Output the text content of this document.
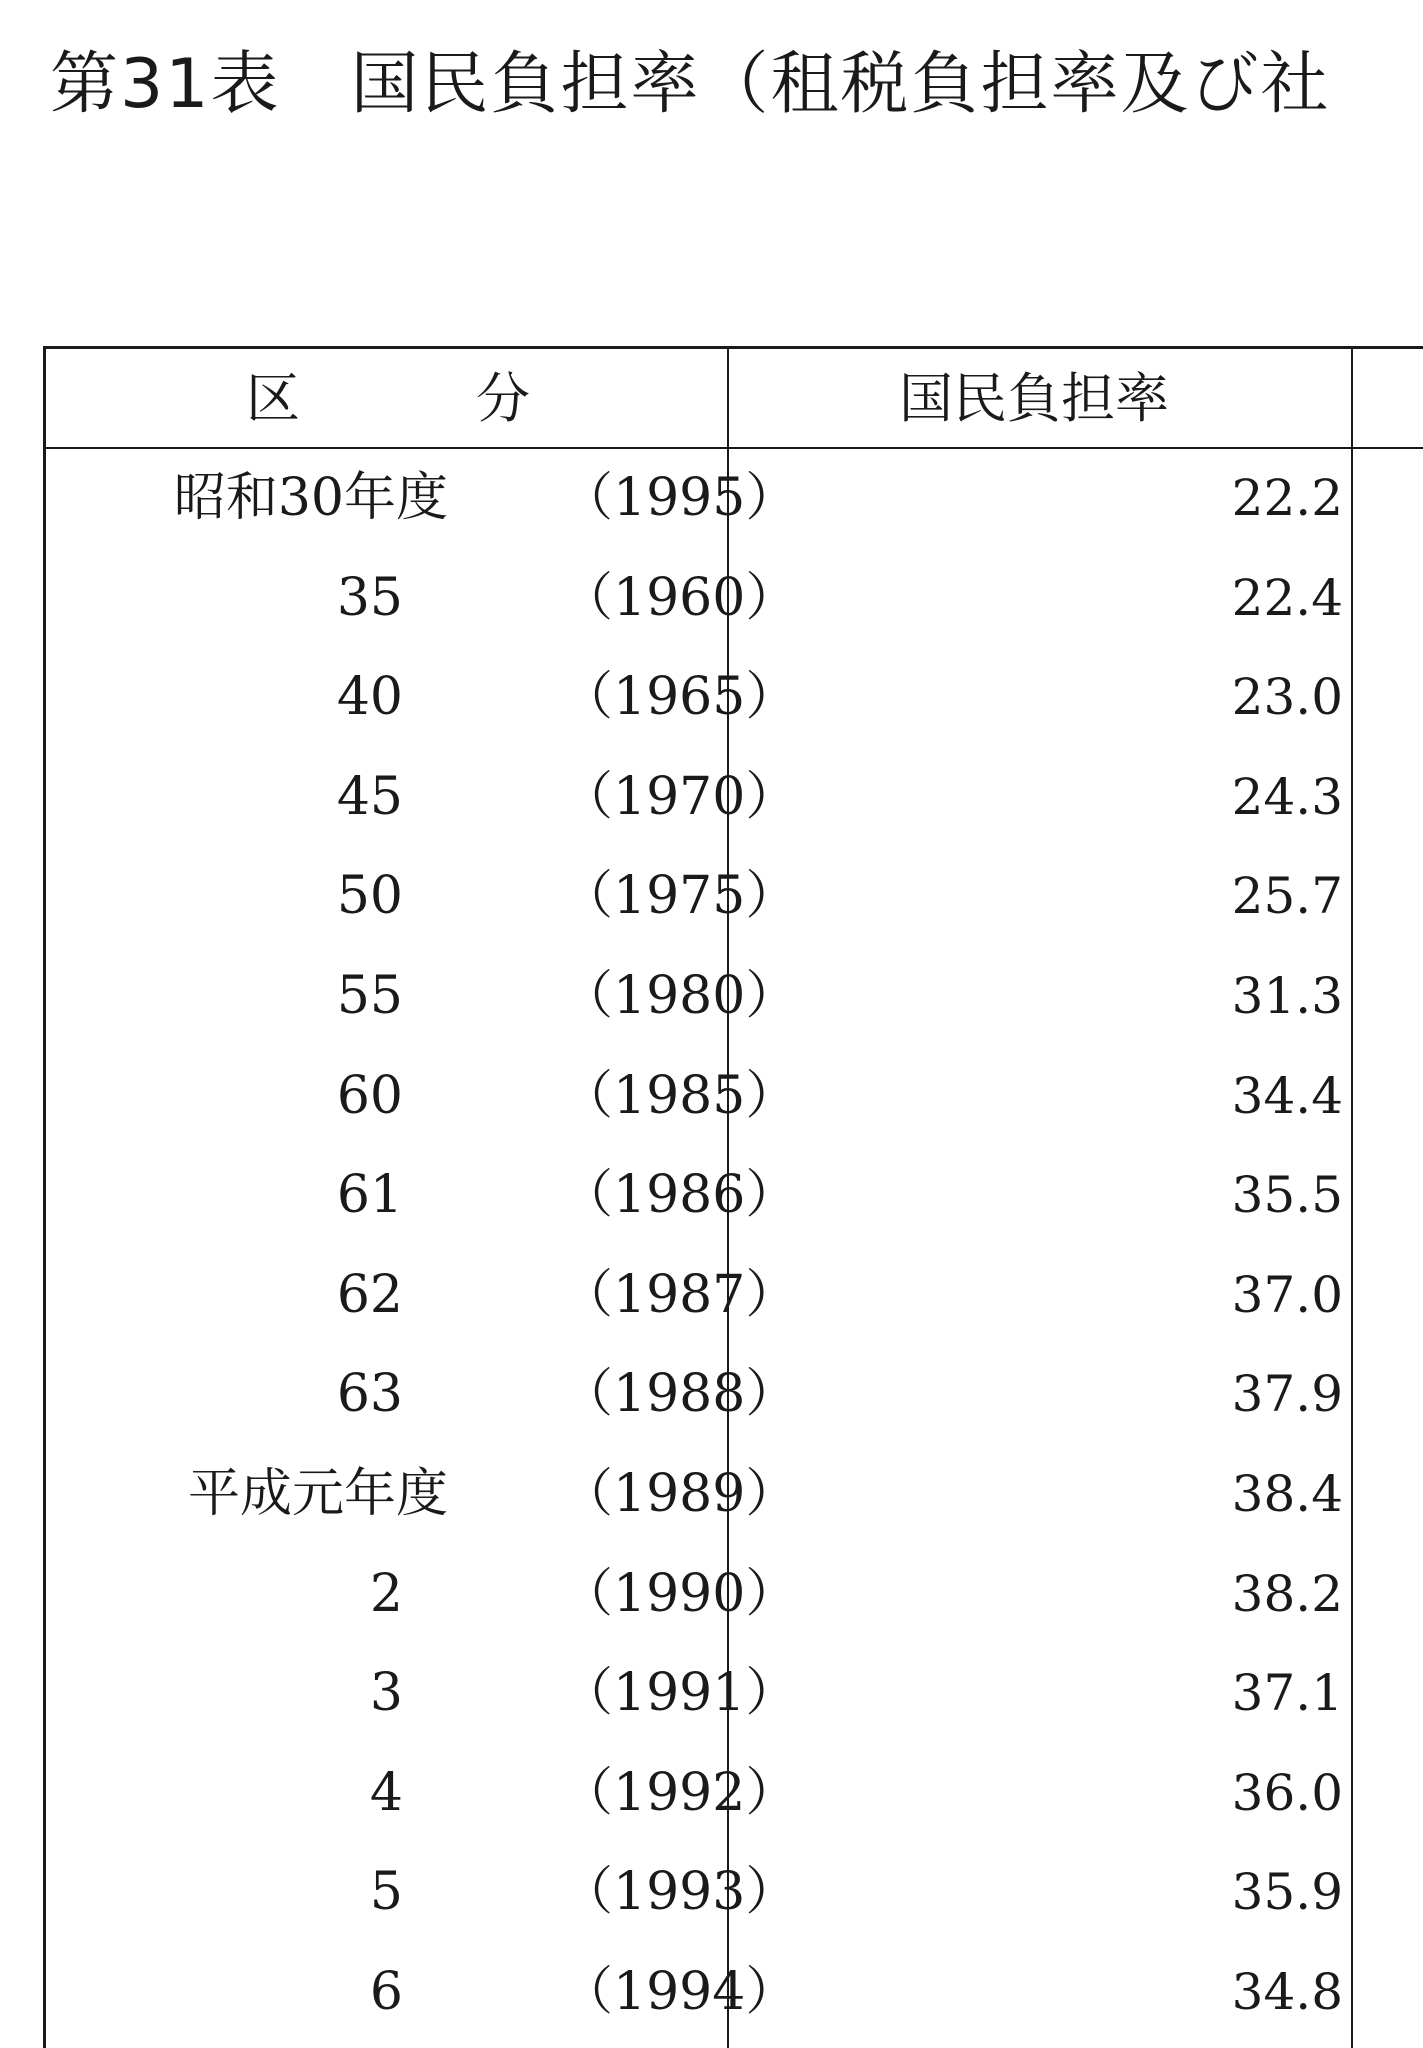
第31表　国民負担率（租税負担率及び社
区	分	国民負担率
昭和30年度 （1995）	22.2
35	（1960）	22.4
40	（1965）	23.0
45	（1970）	24.3
50	（1975）	25.7
55	（1980）	31.3
60	（1985）	34.4
61	（1986）	35.5
62	（1987）	37.0
63	（1988）	37.9
平成元年度 （1989）	38.4
2	（1990）	38.2
3	（1991）	37.1
4	（1992）	36.0
5	（1993）	35.9
6	（1994）	34.8
